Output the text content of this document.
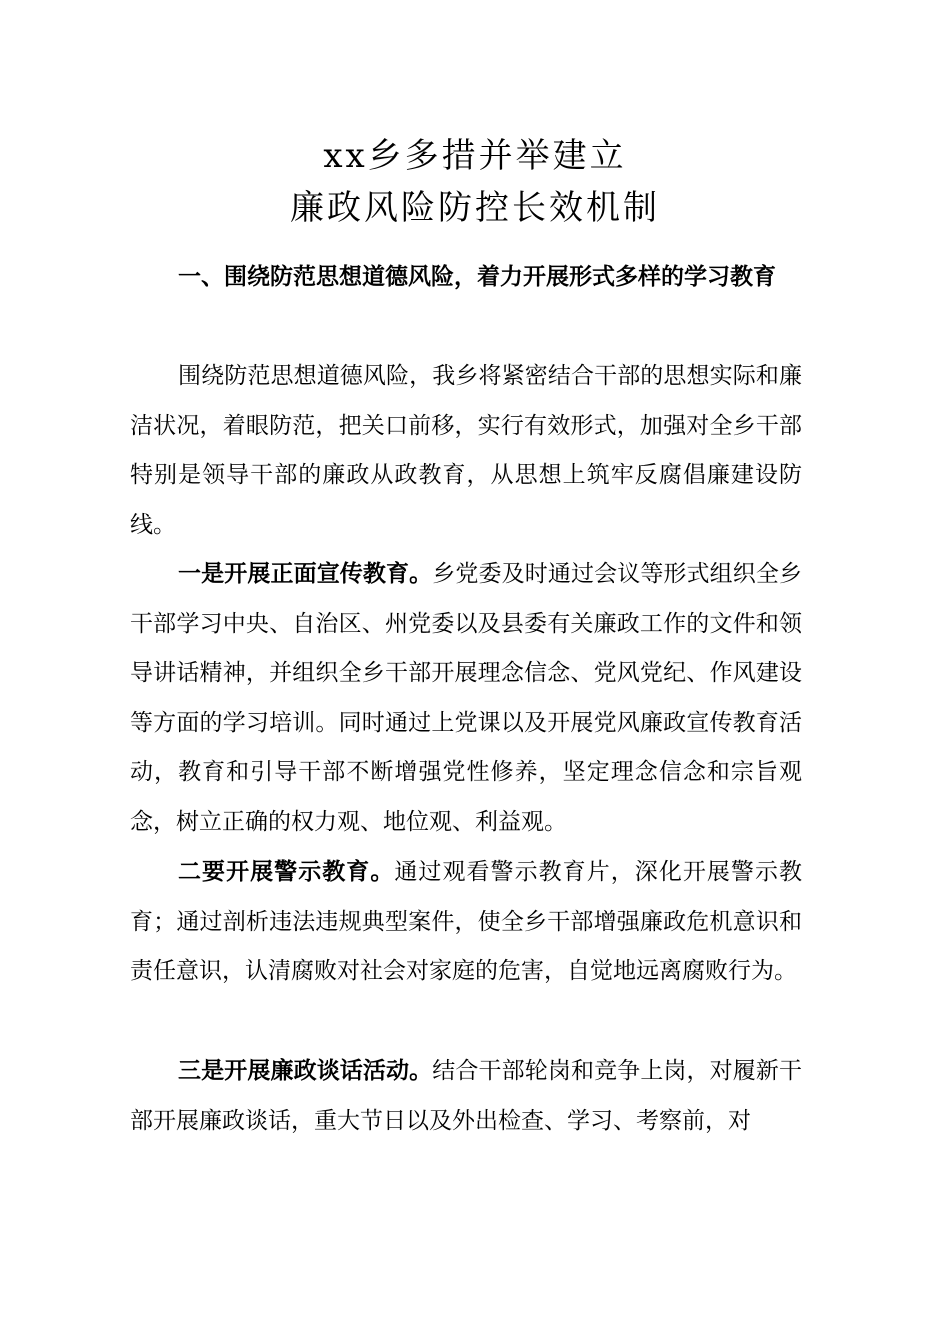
xx乡多措并举建立
廉政风险防控长效机制
一、围绕防范思想道德风险，着力开展形式多样的学习教育

围绕防范思想道德风险，我乡将紧密结合干部的思想实际和廉洁状况，着眼防范，把关口前移，实行有效形式，加强对全乡干部特别是领导干部的廉政从政教育，从思想上筑牢反腐倡廉建设防线。

一是开展正面宣传教育。乡党委及时通过会议等形式组织全乡干部学习中央、自治区、州党委以及县委有关廉政工作的文件和领导讲话精神，并组织全乡干部开展理念信念、党风党纪、作风建设等方面的学习培训。同时通过上党课以及开展党风廉政宣传教育活动，教育和引导干部不断增强党性修养，坚定理念信念和宗旨观念，树立正确的权力观、地位观、利益观。

二要开展警示教育。通过观看警示教育片，深化开展警示教育；通过剖析违法违规典型案件，使全乡干部增强廉政危机意识和责任意识，认清腐败对社会对家庭的危害，自觉地远离腐败行为。

三是开展廉政谈话活动。结合干部轮岗和竞争上岗，对履新干部开展廉政谈话，重大节日以及外出检查、学习、考察前，对
